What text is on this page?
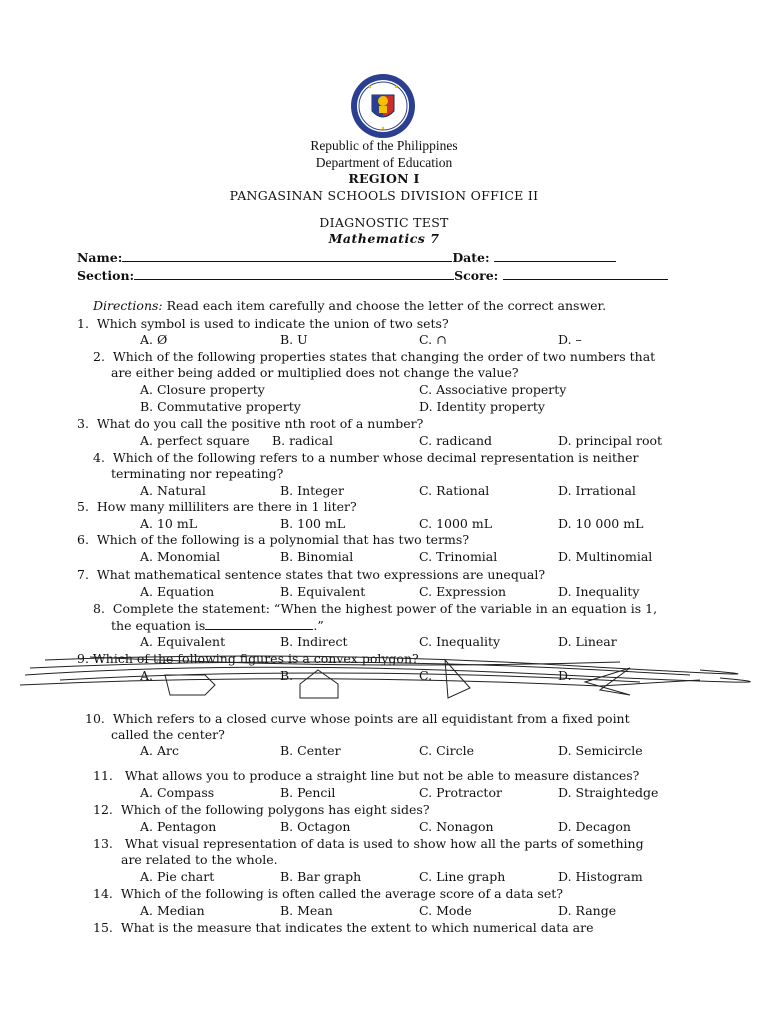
Republic of the Philippines
Department of Education
REGION I
PANGASINAN SCHOOLS DIVISION OFFICE II
DIAGNOSTIC TEST
Mathematics 7
Name:	Date:
Section:	Score:
Directions: Read each item carefully and choose the letter of the correct answer.
1. Which symbol is used to indicate the union of two sets?
A. Ø	B. U	C. ∩	D. –
2. Which of the following properties states that changing the order of two numbers that
are either being added or multiplied does not change the value?
A. Closure property	C. Associative property
B. Commutative property	D. Identity property
3. What do you call the positive nth root of a number?
A. perfect square B. radical	C. radicand	D. principal root
4. Which of the following refers to a number whose decimal representation is neither
terminating nor repeating?
A. Natural	B. Integer	C. Rational	D. Irrational
5. How many milliliters are there in 1 liter?
A. 10 mL	B. 100 mL	C. 1000 mL	D. 10 000 mL
6. Which of the following is a polynomial that has two terms?
A. Monomial	B. Binomial	C. Trinomial	D. Multinomial
7. What mathematical sentence states that two expressions are unequal?
A. Equation	B. Equivalent	C. Expression	D. Inequality
8. Complete the statement: “When the highest power of the variable in an equation is 1,
the equation is	.”
A. Equivalent	B. Indirect	C. Inequality	D. Linear
9. Which of the following figures is a convex polygon?
A.	B.	C.	D.
10. Which refers to a closed curve whose points are all equidistant from a fixed point
called the center?
A. Arc	B. Center	C. Circle	D. Semicircle
11. What allows you to produce a straight line but not be able to measure distances?
A. Compass	B. Pencil	C. Protractor	D. Straightedge
12. Which of the following polygons has eight sides?
A. Pentagon	B. Octagon	C. Nonagon	D. Decagon
13. What visual representation of data is used to show how all the parts of something
are related to the whole.
A. Pie chart	B. Bar graph	C. Line graph	D. Histogram
14. Which of the following is often called the average score of a data set?
A. Median	B. Mean	C. Mode	D. Range
15. What is the measure that indicates the extent to which numerical data are
